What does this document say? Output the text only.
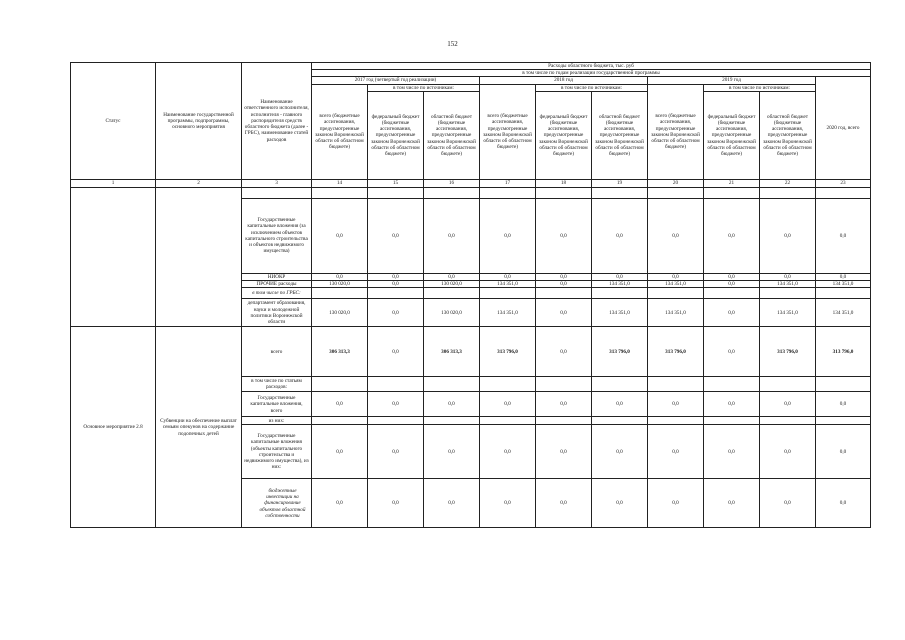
152
Статус	Наименование государственной программы, подпрограммы, основного мероприятия	Наименование ответственного исполнителя, исполнителя - главного распорядителя средств областного бюджета (далее - ГРБС), наименование статей расходов	Расходы областного бюджета, тыс. руб									
			в том числе по годам реализации государственной программы									
			2017 год (четвертый год реализации)			2018 год			2019 год			2020 год, всего
			всего (бюджетные ассигнования, предусмотренные законом Воронежской области об областном бюджете)	в том числе по источникам:		всего (бюджетные ассигнования, предусмотренные законом Воронежской области об областном бюджете)	в том числе по источникам:		всего (бюджетные ассигнования, предусмотренные законом Воронежской области об областном бюджете)	в том числе по источникам:		
				федеральный бюджет (бюджетные ассигнования, предусмотренные законом Воронежской области об областном бюджете)	областной бюджет (бюджетные ассигнования, предусмотренные законом Воронежской области об областном бюджете)		федеральный бюджет (бюджетные ассигнования, предусмотренные законом Воронежской области об областном бюджете)	областной бюджет (бюджетные ассигнования, предусмотренные законом Воронежской области об областном бюджете)		федеральный бюджет (бюджетные ассигнования, предусмотренные законом Воронежской области об областном бюджете)	областной бюджет (бюджетные ассигнования, предусмотренные законом Воронежской области об областном бюджете)	

1	2	3	14	15	16	17	18	19	20	21	22	23

		Государственные капитальные вложения (за исключением объектов капитального строительства и объектов недвижимого имущества)	0,0	0,0	0,0	0,0	0,0	0,0	0,0	0,0	0,0	0,0
		НИОКР	0,0	0,0	0,0	0,0	0,0	0,0	0,0	0,0	0,0	0,0
		ПРОЧИЕ расходы	130 020,0	0,0	130 020,0	134 351,0	0,0	134 351,0	134 351,0	0,0	134 351,0	134 351,0
		в том числе по ГРБС:										
		департамент образования, науки и молодежной политики Воронежской области	130 020,0	0,0	130 020,0	134 351,0	0,0	134 351,0	134 351,0	0,0	134 351,0	134 351,0
Основное мероприятие 2.8	Субвенции на обеспечение выплат семьям опекунов на содержание подопечных детей	всего	306 313,3	0,0	306 313,3	313 796,0	0,0	313 796,0	313 796,0	0,0	313 796,0	313 796,0
		в том числе по статьям расходов:										
		Государственные капитальные вложения, всего	0,0	0,0	0,0	0,0	0,0	0,0	0,0	0,0	0,0	0,0
		из них:										
		Государственные капитальные вложения (объекты капитального строительства и недвижимого имущества), из них:	0,0	0,0	0,0	0,0	0,0	0,0	0,0	0,0	0,0	0,0
		бюджетные инвестиции на финансирование объектов областной собственности	0,0	0,0	0,0	0,0	0,0	0,0	0,0	0,0	0,0	0,0
